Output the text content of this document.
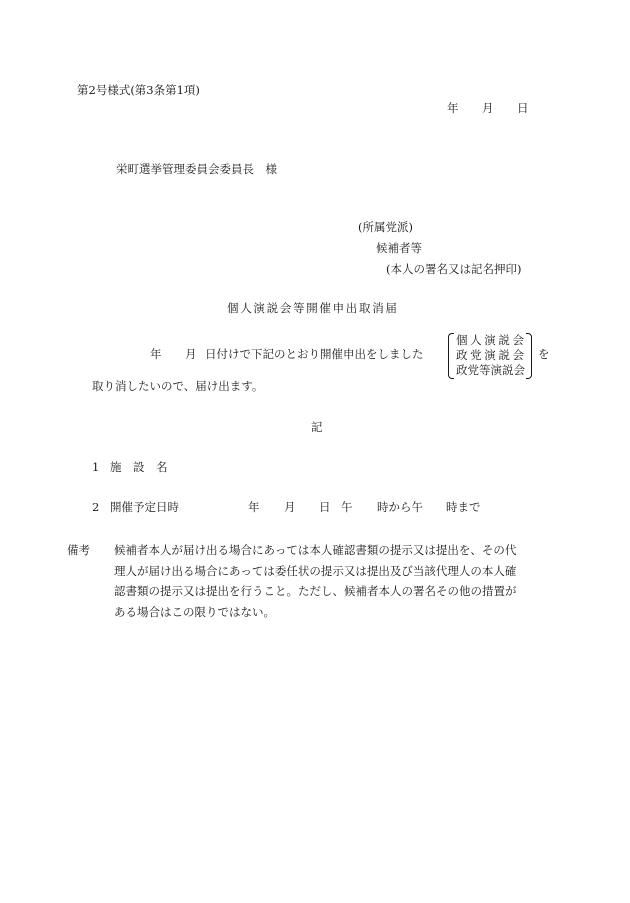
第2号様式(第3条第1項)
年 月 日
栄町選挙管理委員会委員長　様
(所属党派)
候補者等
(本人の署名又は記名押印)
個人演説会等開催申出取消届
年 月 日付けで下記のとおり開催申出をしました
個人演説会
政党演説会
政党等演説会
を
取り消したいので、届け出ます。
記
1 施　設　名
2 開催予定日時	年 月 日 午 時から午 時まで
備考 候補者本人が届け出る場合にあっては本人確認書類の提示又は提出を、その代理人が届け出る場合にあっては委任状の提示又は提出及び当該代理人の本人確認書類の提示又は提出を行うこと。ただし、候補者本人の署名その他の措置がある場合はこの限りではない。
